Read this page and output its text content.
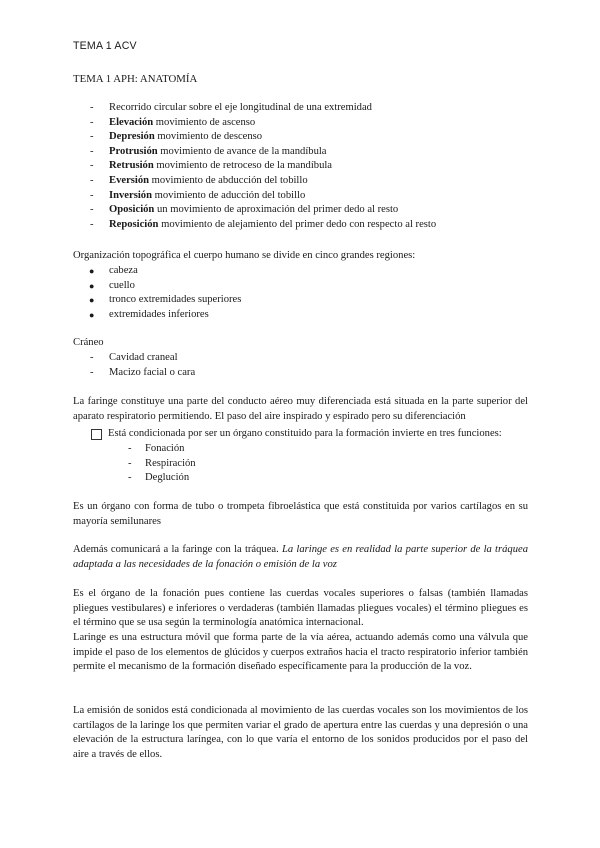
TEMA 1 ACV
TEMA 1 APH: ANATOMÍA
-	Recorrido circular sobre el eje longitudinal de una extremidad
-	Elevación movimiento de ascenso
-	Depresión movimiento de descenso
-	Protrusión movimiento de avance de la mandíbula
-	Retrusión movimiento de retroceso de la mandíbula
-	Eversión movimiento de abducción del tobillo
-	Inversión movimiento de aducción del tobillo
-	Oposición un movimiento de aproximación del primer dedo al resto
-	Reposición movimiento de alejamiento del primer dedo con respecto al resto
Organización topográfica el cuerpo humano se divide en cinco grandes regiones:
●	cabeza
●	cuello
●	tronco extremidades superiores
●	extremidades inferiores
Cráneo
-	Cavidad craneal
-	Macizo facial o cara
La faringe constituye una parte del conducto aéreo muy diferenciada está situada en la parte superior del aparato respiratorio permitiendo. El paso del aire inspirado y espirado pero su diferenciación
Está condicionada por ser un órgano constituido para la formación invierte en tres funciones:
-	Fonación
-	Respiración
-	Deglución
Es un órgano con forma de tubo o trompeta fibroelástica que está constituida por varios cartílagos en su mayoría semilunares
Además comunicará a la faringe con la tráquea. La laringe es en realidad la parte superior de la tráquea adaptada a las necesidades de la fonación o emisión de la voz
Es el órgano de la fonación pues contiene las cuerdas vocales superiores o falsas (también llamadas pliegues vestibulares) e inferiores o verdaderas (también llamadas pliegues vocales) el término pliegues es el término que se usa según la terminología anatómica internacional.
Laringe es una estructura móvil que forma parte de la vía aérea, actuando además como una válvula que impide el paso de los elementos de glúcidos y cuerpos extraños hacia el tracto respiratorio inferior también permite el mecanismo de la formación diseñado específicamente para la producción de la voz.
La emisión de sonidos está condicionada al movimiento de las cuerdas vocales son los movimientos de los cartílagos de la laringe los que permiten variar el grado de apertura entre las cuerdas y una depresión o una elevación de la estructura laríngea, con lo que varía el entorno de los sonidos producidos por el paso del aire a través de ellos.
